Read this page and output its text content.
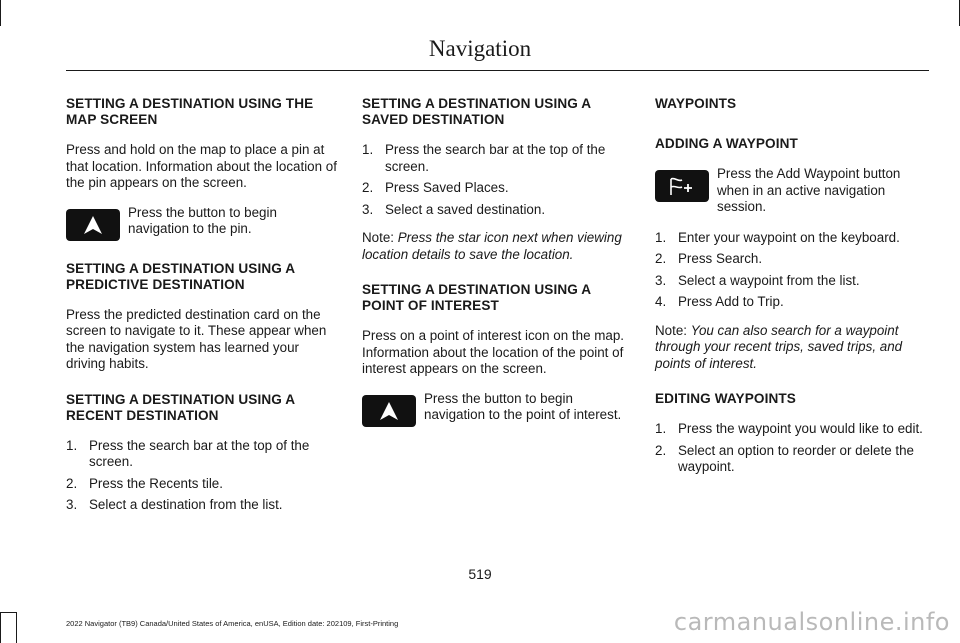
Navigation
SETTING A DESTINATION USING THE MAP SCREEN

Press and hold on the map to place a pin at that location. Information about the location of the pin appears on the screen.

Press the button to begin navigation to the pin.
SETTING A DESTINATION USING A PREDICTIVE DESTINATION

Press the predicted destination card on the screen to navigate to it. These appear when the navigation system has learned your driving habits.

SETTING A DESTINATION USING A RECENT DESTINATION
1. Press the search bar at the top of the screen.
2. Press the Recents tile.
3. Select a destination from the list.
SETTING A DESTINATION USING A SAVED DESTINATION
1. Press the search bar at the top of the screen.
2. Press Saved Places.
3. Select a saved destination.

Note: Press the star icon next when viewing location details to save the location.

SETTING A DESTINATION USING A POINT OF INTEREST

Press on a point of interest icon on the map. Information about the location of the point of interest appears on the screen.

Press the button to begin navigation to the point of interest.
WAYPOINTS
ADDING A WAYPOINT
Press the Add Waypoint button when in an active navigation session.
1. Enter your waypoint on the keyboard.
2. Press Search.
3. Select a waypoint from the list.
4. Press Add to Trip.

Note: You can also search for a waypoint through your recent trips, saved trips, and points of interest.

EDITING WAYPOINTS
1. Press the waypoint you would like to edit.
2. Select an option to reorder or delete the waypoint.
519
2022 Navigator (TB9) Canada/United States of America, enUSA, Edition date: 202109, First-Printing	carmanualsonline.info
